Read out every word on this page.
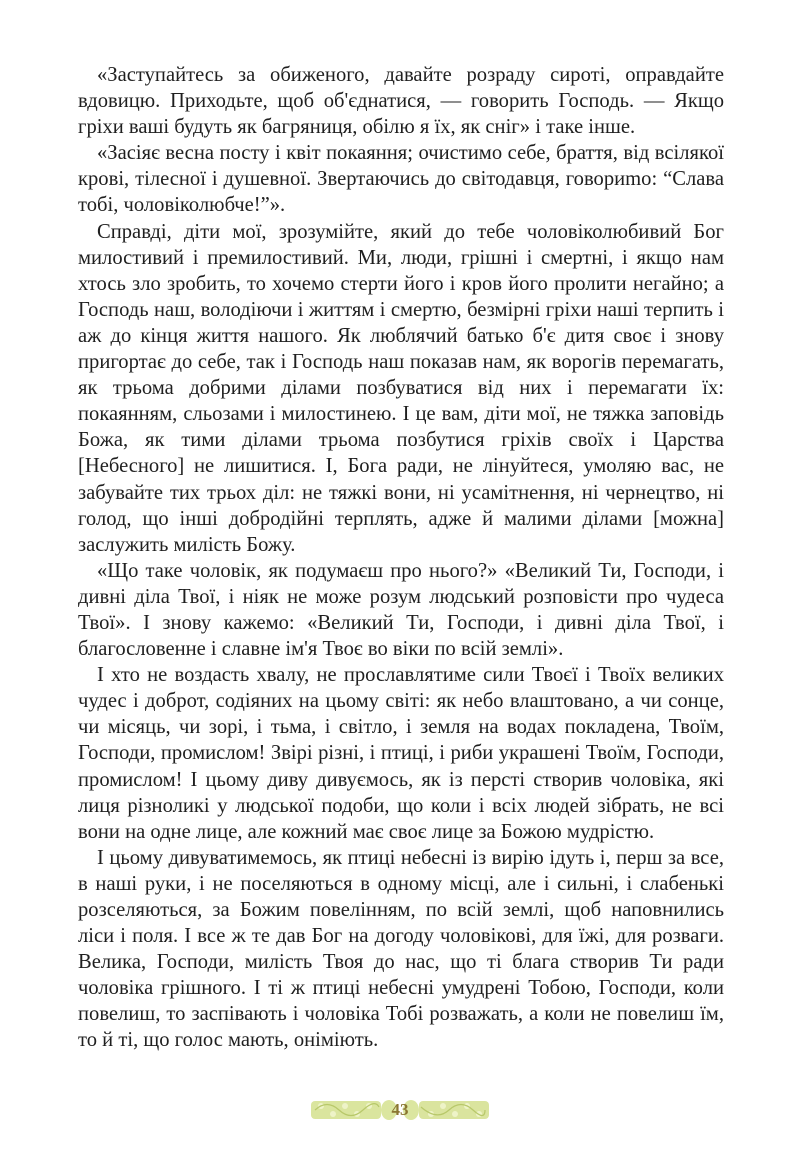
«Заступайтесь за обиженого, давайте розраду сироті, оправдайте вдовицю. Приходьте, щоб об'єднатися, — говорить Господь. — Якщо гріхи ваші будуть як багряниця, обілю я їх, як сніг» і таке інше.

«Засіяє весна посту і квіт покаяння; очистимо себе, браття, від всілякої крові, тілесної і душевної. Звертаючись до світодавця, говориmо: “Слава тобі, чоловіколюбче!”».

Справді, діти мої, зрозумійте, який до тебе чоловіколюбивий Бог милостивий і премилостивий. Ми, люди, грішні і смертні, і якщо нам хтось зло зробить, то хочемо стерти його і кров його пролити негайно; а Господь наш, володіючи і життям і смертю, безмірні гріхи наші терпить і аж до кінця життя нашого. Як люблячий батько б'є дитя своє і знову пригортає до себе, так і Господь наш показав нам, як ворогів перемагать, як трьома добрими ділами позбуватися від них і перемагати їх: покаянням, сльозами і милостинею. І це вам, діти мої, не тяжка заповідь Божа, як тими ділами трьома позбутися гріхів своїх і Царства [Небесного] не лишитися. І, Бога ради, не лінуйтеся, умоляю вас, не забувайте тих трьох діл: не тяжкі вони, ні усамітнення, ні чернецтво, ні голод, що інші добродійні терплять, адже й малими ділами [можна] заслужить милість Божу.

«Що таке чоловік, як подумаєш про нього?» «Великий Ти, Господи, і дивні діла Твої, і ніяк не може розум людський розповісти про чудеса Твої». І знову кажемо: «Великий Ти, Господи, і дивні діла Твої, і благословенне і славне ім'я Твоє во віки по всій землі».

І хто не воздасть хвалу, не прославлятиме сили Твоєї і Твоїх великих чудес і доброт, содіяних на цьому світі: як небо влаштовано, а чи сонце, чи місяць, чи зорі, і тьма, і світло, і земля на водах покладена, Твоїм, Господи, промислом! Звірі різні, і птиці, і риби украшені Твоїм, Господи, промислом! І цьому диву дивуємось, як із персті створив чоловіка, які лиця різноликі у людської подоби, що коли і всіх людей зібрать, не всі вони на одне лице, але кожний має своє лице за Божою мудрістю.

І цьому дивуватимемось, як птиці небесні із вирію ідуть і, перш за все, в наші руки, і не поселяються в одному місці, але і сильні, і слабенькі розселяються, за Божим повелінням, по всій землі, щоб наповнились ліси і поля. І все ж те дав Бог на догоду чоловікові, для їжі, для розваги. Велика, Господи, милість Твоя до нас, що ті блага створив Ти ради чоловіка грішного. І ті ж птиці небесні умудрені Тобою, Господи, коли повелиш, то заспівають і чоловіка Тобі розважать, а коли не повелиш їм, то й ті, що голос мають, оніміють.

43
